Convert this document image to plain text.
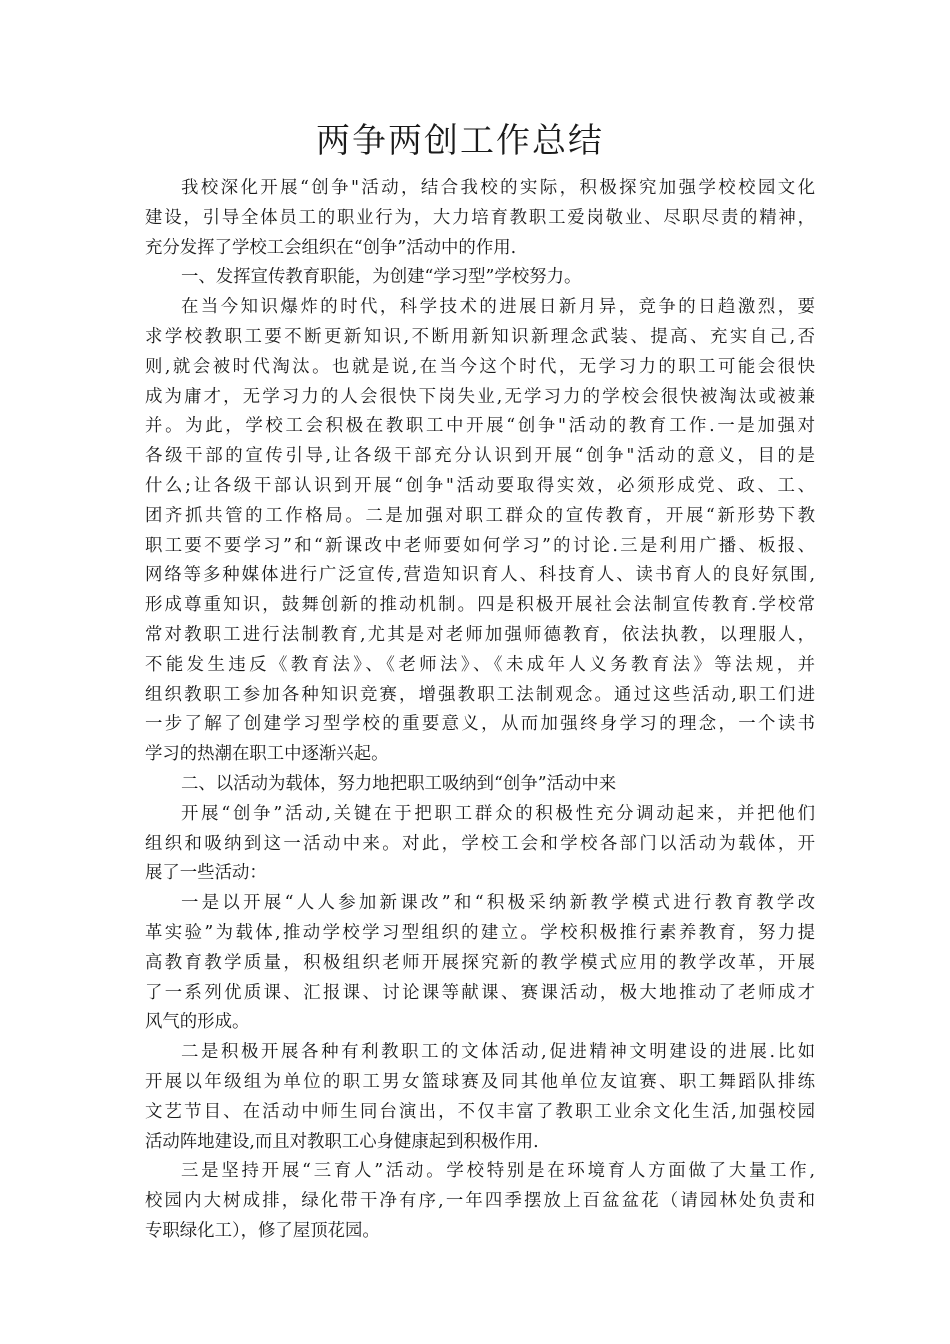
两争两创工作总结
我校深化开展“创争"活动，结合我校的实际，积极探究加强学校校园文化
建设，引导全体员工的职业行为，大力培育教职工爱岗敬业、尽职尽责的精神，
充分发挥了学校工会组织在“创争”活动中的作用.
一、发挥宣传教育职能，为创建“学习型”学校努力。
在当今知识爆炸的时代，科学技术的进展日新月异，竞争的日趋激烈，要
求学校教职工要不断更新知识,不断用新知识新理念武装、提高、充实自己,否
则,就会被时代淘汰。也就是说,在当今这个时代，无学习力的职工可能会很快
成为庸才，无学习力的人会很快下岗失业,无学习力的学校会很快被淘汰或被兼
并。为此，学校工会积极在教职工中开展“创争"活动的教育工作.一是加强对
各级干部的宣传引导,让各级干部充分认识到开展“创争"活动的意义，目的是
什么;让各级干部认识到开展“创争"活动要取得实效，必须形成党、政、工、
团齐抓共管的工作格局。二是加强对职工群众的宣传教育，开展“新形势下教
职工要不要学习”和“新课改中老师要如何学习”的讨论.三是利用广播、板报、
网络等多种媒体进行广泛宣传,营造知识育人、科技育人、读书育人的良好氛围,
形成尊重知识，鼓舞创新的推动机制。四是积极开展社会法制宣传教育.学校常
常对教职工进行法制教育,尤其是对老师加强师德教育，依法执教，以理服人，
不能发生违反《教育法》、《老师法》、《未成年人义务教育法》等法规，并
组织教职工参加各种知识竞赛，增强教职工法制观念。通过这些活动,职工们进
一步了解了创建学习型学校的重要意义，从而加强终身学习的理念，一个读书
学习的热潮在职工中逐渐兴起。
二、以活动为载体，努力地把职工吸纳到“创争”活动中来
开展“创争”活动,关键在于把职工群众的积极性充分调动起来，并把他们
组织和吸纳到这一活动中来。对此，学校工会和学校各部门以活动为载体，开
展了一些活动：
一是以开展“人人参加新课改”和“积极采纳新教学模式进行教育教学改
革实验”为载体,推动学校学习型组织的建立。学校积极推行素养教育，努力提
高教育教学质量，积极组织老师开展探究新的教学模式应用的教学改革，开展
了一系列优质课、汇报课、讨论课等献课、赛课活动，极大地推动了老师成才
风气的形成。
二是积极开展各种有利教职工的文体活动,促进精神文明建设的进展.比如
开展以年级组为单位的职工男女篮球赛及同其他单位友谊赛、职工舞蹈队排练
文艺节目、在活动中师生同台演出，不仅丰富了教职工业余文化生活,加强校园
活动阵地建设,而且对教职工心身健康起到积极作用.
三是坚持开展“三育人”活动。学校特别是在环境育人方面做了大量工作,
校园内大树成排，绿化带干净有序,一年四季摆放上百盆盆花（请园林处负责和
专职绿化工），修了屋顶花园。
